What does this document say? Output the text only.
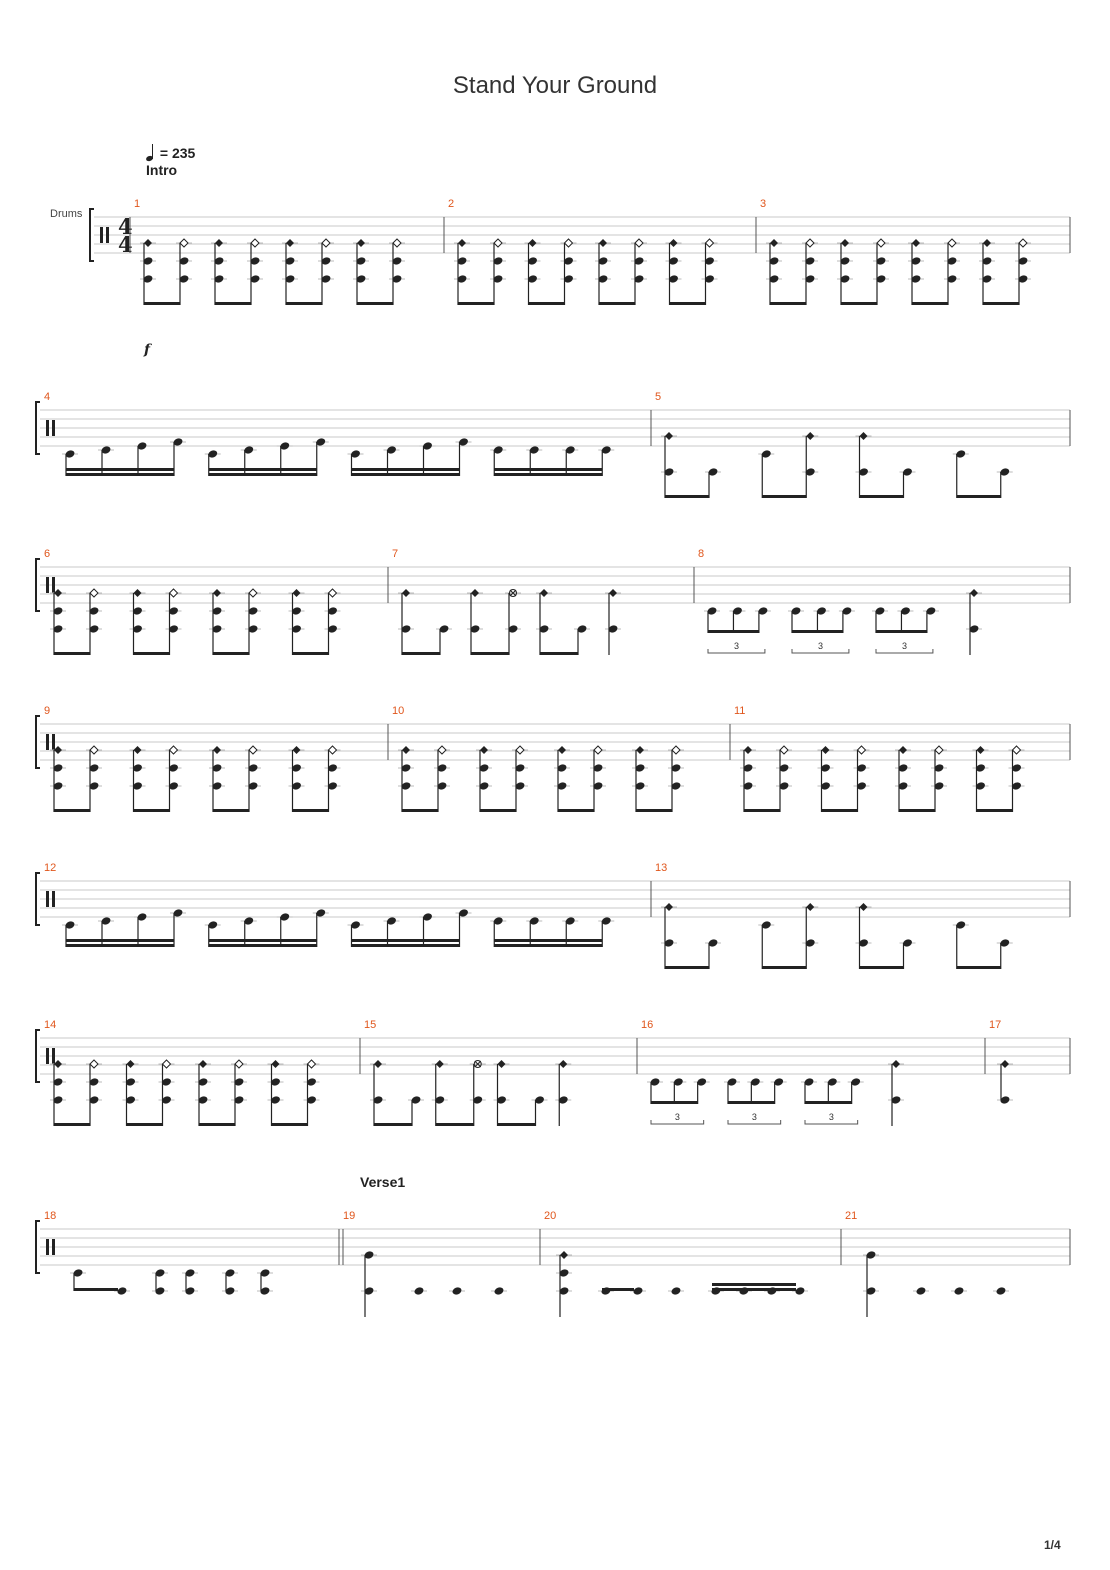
Stand Your Ground
= 235
Intro
Verse1
Drums
f
4
4
1	2	3
4	5
6	7	8
3	3	3
9	10	11
12	13
14	15	16
3	3	3
17
18	19	20	21
1/4
